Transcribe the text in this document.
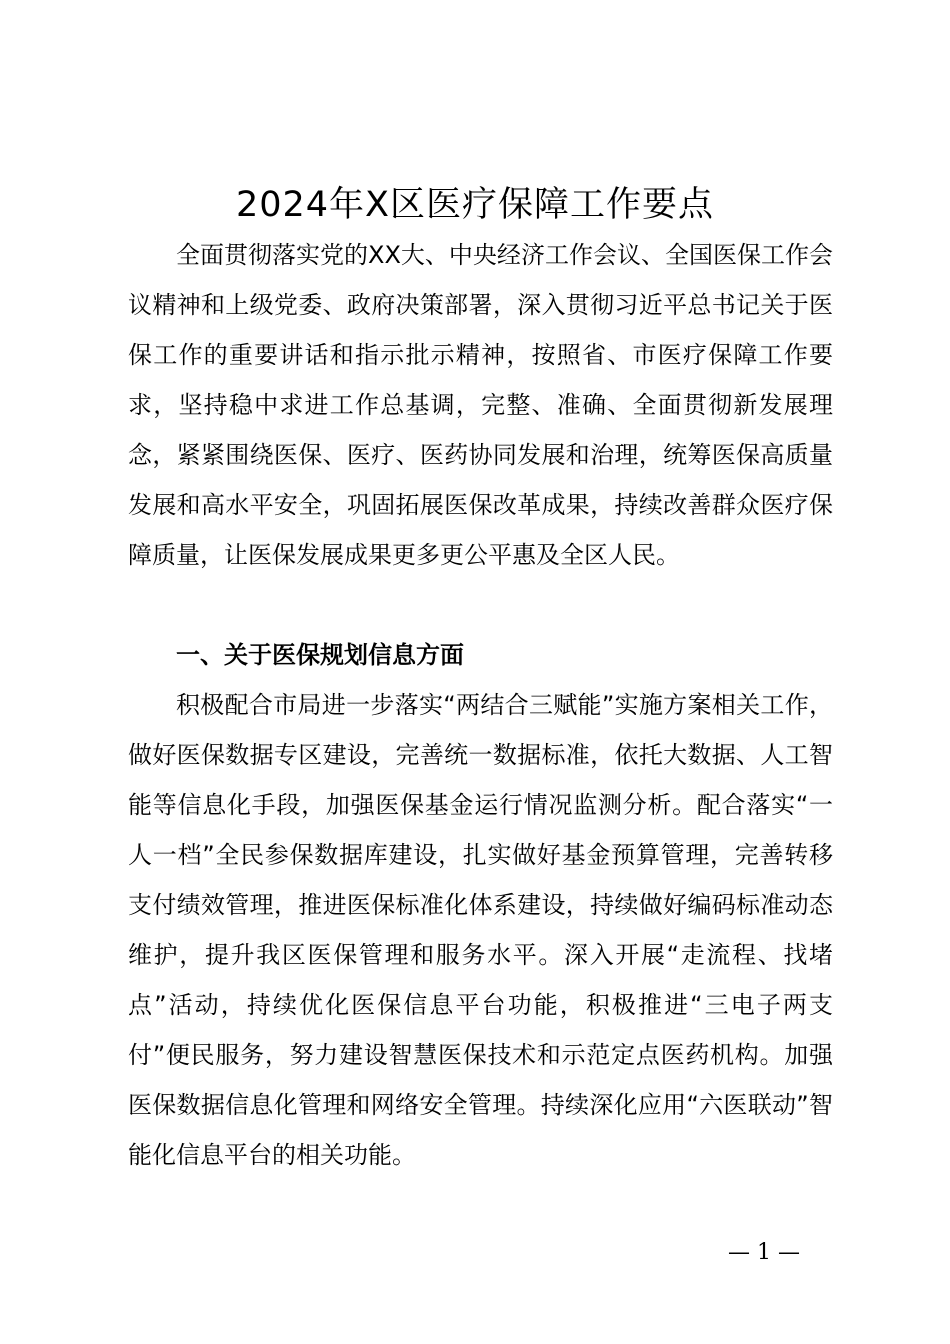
2024年X区医疗保障工作要点

全面贯彻落实党的XX大、中央经济工作会议、全国医保工作会议精神和上级党委、政府决策部署，深入贯彻习近平总书记关于医保工作的重要讲话和指示批示精神，按照省、市医疗保障工作要求，坚持稳中求进工作总基调，完整、准确、全面贯彻新发展理念，紧紧围绕医保、医疗、医药协同发展和治理，统筹医保高质量发展和高水平安全，巩固拓展医保改革成果，持续改善群众医疗保障质量，让医保发展成果更多更公平惠及全区人民。

一、关于医保规划信息方面

积极配合市局进一步落实“两结合三赋能”实施方案相关工作，做好医保数据专区建设，完善统一数据标准，依托大数据、人工智能等信息化手段，加强医保基金运行情况监测分析。配合落实“一人一档”全民参保数据库建设，扎实做好基金预算管理，完善转移支付绩效管理，推进医保标准化体系建设，持续做好编码标准动态维护，提升我区医保管理和服务水平。深入开展“走流程、找堵点”活动，持续优化医保信息平台功能，积极推进“三电子两支付”便民服务，努力建设智慧医保技术和示范定点医药机构。加强医保数据信息化管理和网络安全管理。持续深化应用“六医联动”智能化信息平台的相关功能。

— 1 —
